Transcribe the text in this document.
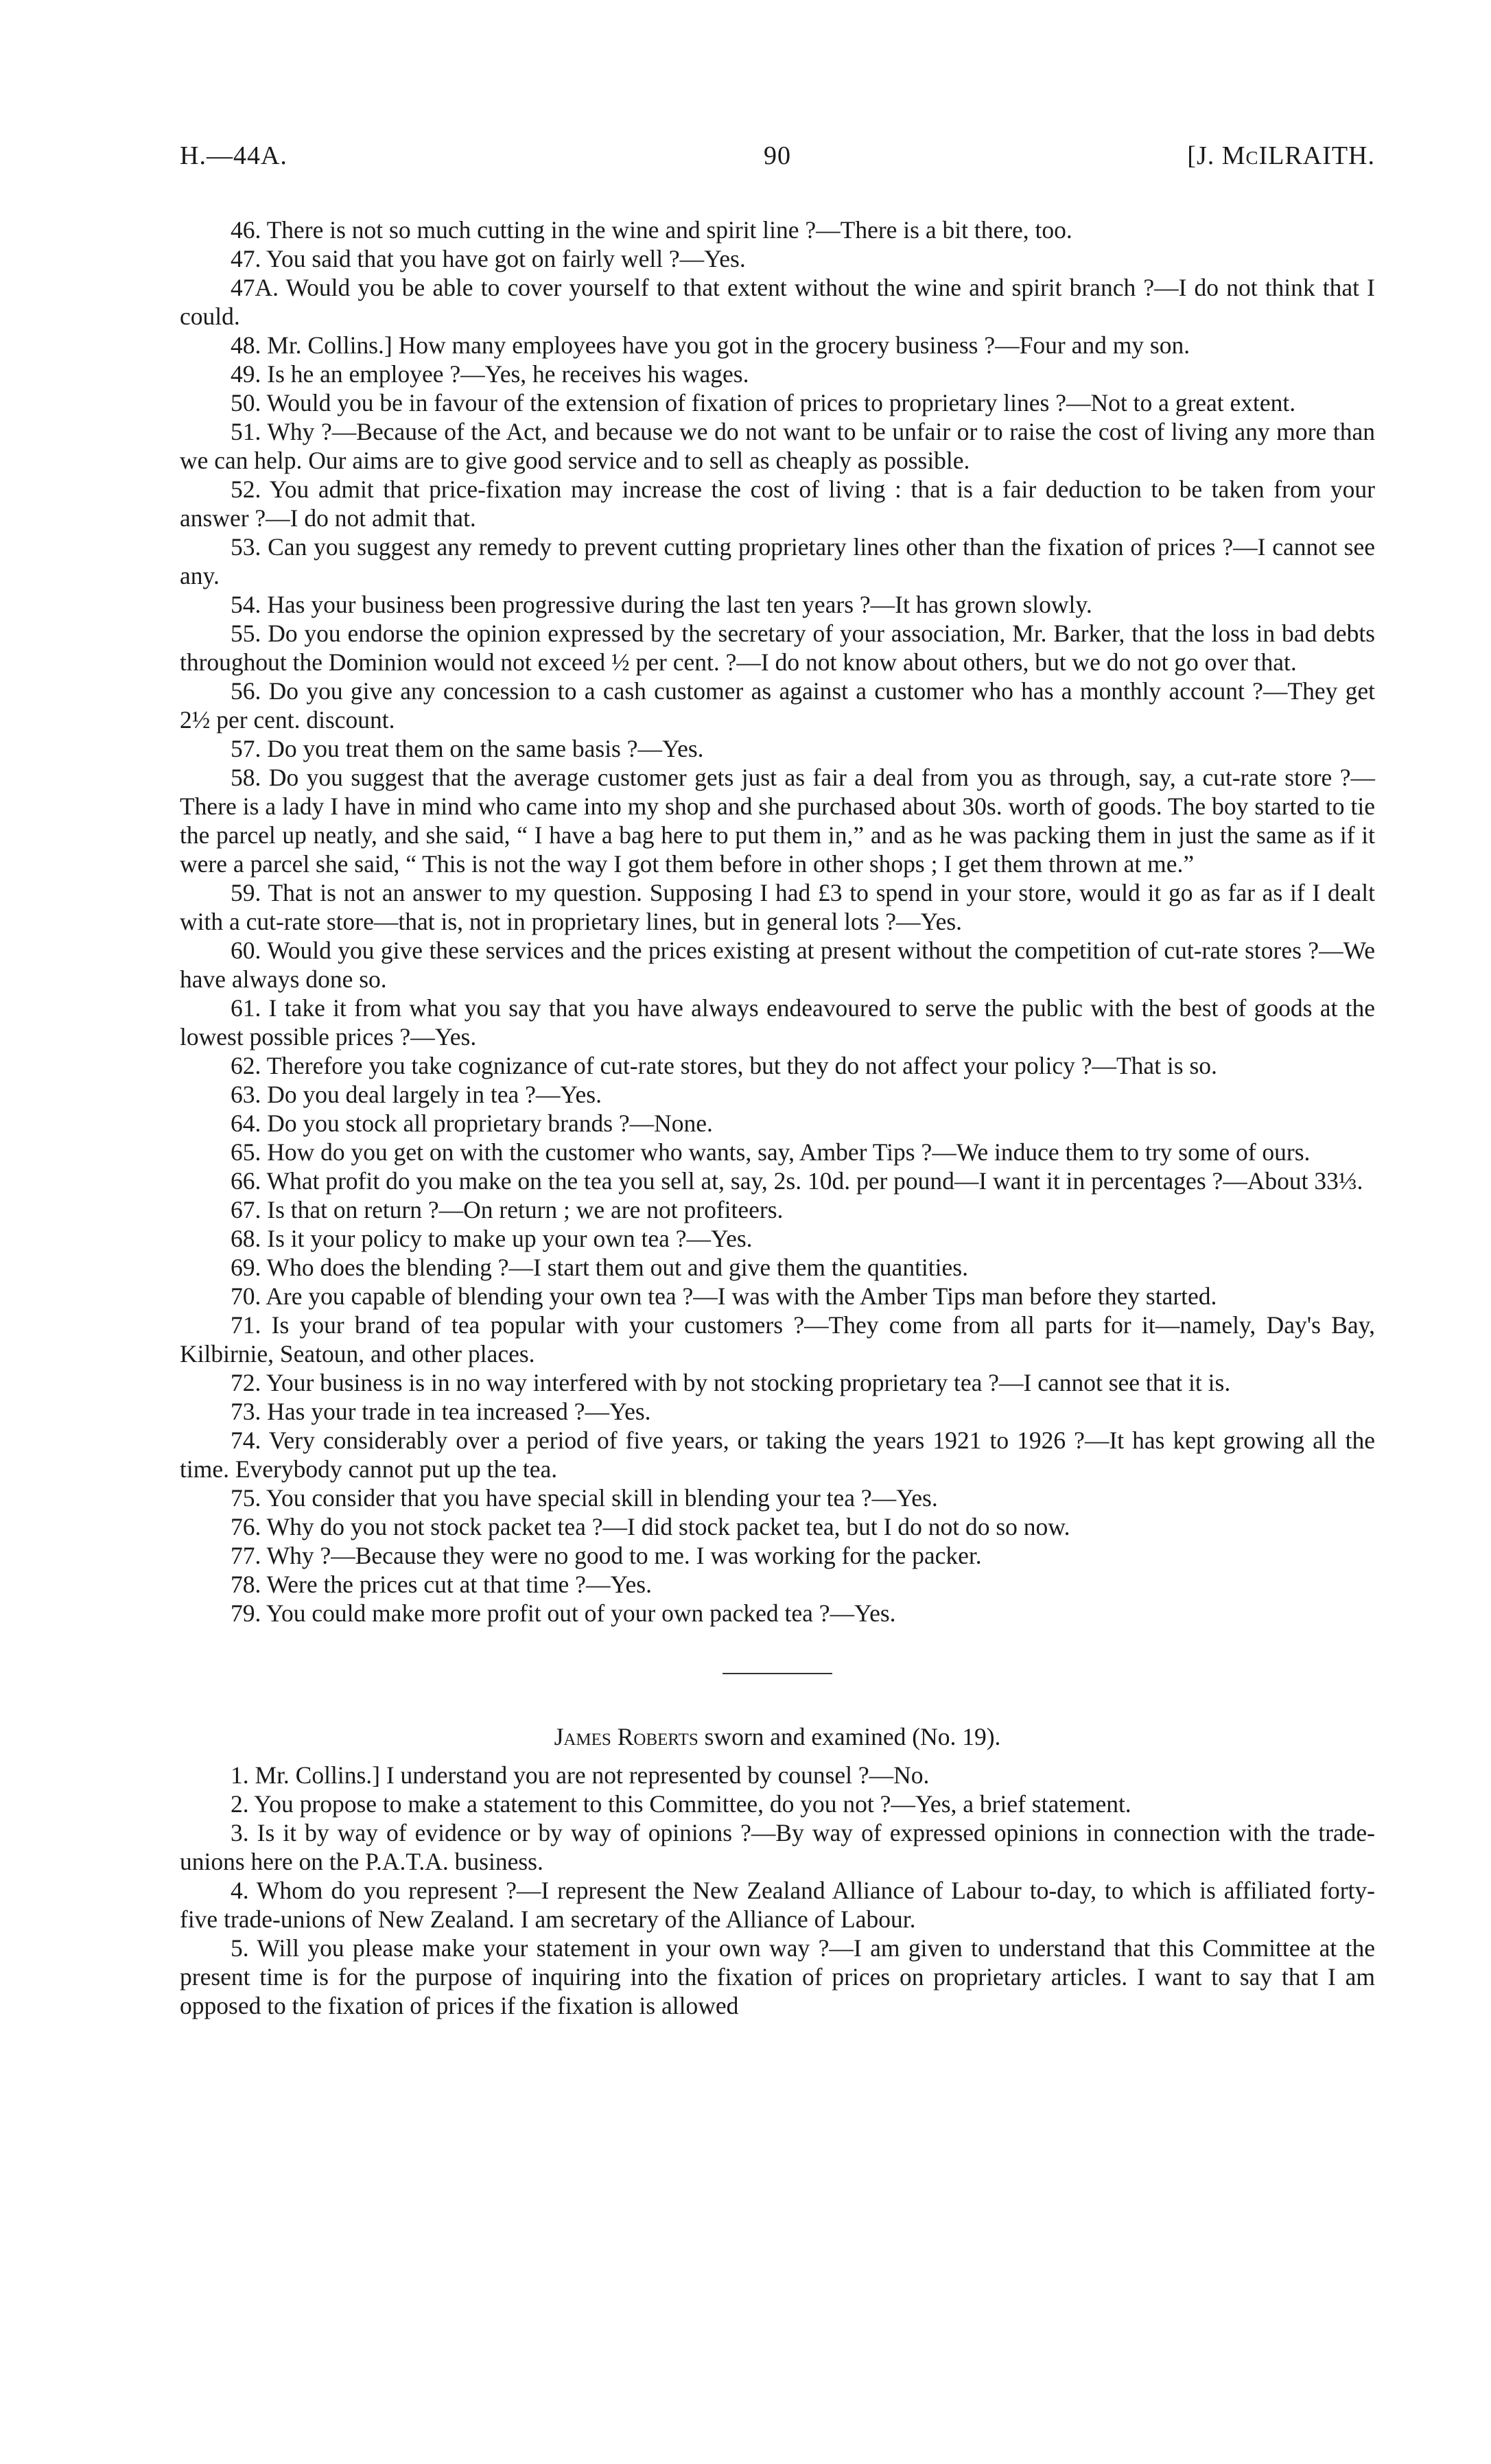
H.—44A.	90	[J. McILRAITH.

46. There is not so much cutting in the wine and spirit line ?—There is a bit there, too.

47. You said that you have got on fairly well ?—Yes.

47A. Would you be able to cover yourself to that extent without the wine and spirit branch ?—I do not think that I could.

48. Mr. Collins.] How many employees have you got in the grocery business ?—Four and my son.

49. Is he an employee ?—Yes, he receives his wages.

50. Would you be in favour of the extension of fixation of prices to proprietary lines ?—Not to a great extent.

51. Why ?—Because of the Act, and because we do not want to be unfair or to raise the cost of living any more than we can help. Our aims are to give good service and to sell as cheaply as possible.

52. You admit that price-fixation may increase the cost of living : that is a fair deduction to be taken from your answer ?—I do not admit that.

53. Can you suggest any remedy to prevent cutting proprietary lines other than the fixation of prices ?—I cannot see any.

54. Has your business been progressive during the last ten years ?—It has grown slowly.

55. Do you endorse the opinion expressed by the secretary of your association, Mr. Barker, that the loss in bad debts throughout the Dominion would not exceed ½ per cent. ?—I do not know about others, but we do not go over that.

56. Do you give any concession to a cash customer as against a customer who has a monthly account ?—They get 2½ per cent. discount.

57. Do you treat them on the same basis ?—Yes.

58. Do you suggest that the average customer gets just as fair a deal from you as through, say, a cut-rate store ?—There is a lady I have in mind who came into my shop and she purchased about 30s. worth of goods. The boy started to tie the parcel up neatly, and she said, “ I have a bag here to put them in,” and as he was packing them in just the same as if it were a parcel she said, “ This is not the way I got them before in other shops ; I get them thrown at me.”

59. That is not an answer to my question. Supposing I had £3 to spend in your store, would it go as far as if I dealt with a cut-rate store—that is, not in proprietary lines, but in general lots ?—Yes.

60. Would you give these services and the prices existing at present without the competition of cut-rate stores ?—We have always done so.

61. I take it from what you say that you have always endeavoured to serve the public with the best of goods at the lowest possible prices ?—Yes.

62. Therefore you take cognizance of cut-rate stores, but they do not affect your policy ?—That is so.

63. Do you deal largely in tea ?—Yes.

64. Do you stock all proprietary brands ?—None.

65. How do you get on with the customer who wants, say, Amber Tips ?—We induce them to try some of ours.

66. What profit do you make on the tea you sell at, say, 2s. 10d. per pound—I want it in percentages ?—About 33⅓.

67. Is that on return ?—On return ; we are not profiteers.

68. Is it your policy to make up your own tea ?—Yes.

69. Who does the blending ?—I start them out and give them the quantities.

70. Are you capable of blending your own tea ?—I was with the Amber Tips man before they started.

71. Is your brand of tea popular with your customers ?—They come from all parts for it—namely, Day's Bay, Kilbirnie, Seatoun, and other places.

72. Your business is in no way interfered with by not stocking proprietary tea ?—I cannot see that it is.

73. Has your trade in tea increased ?—Yes.

74. Very considerably over a period of five years, or taking the years 1921 to 1926 ?—It has kept growing all the time. Everybody cannot put up the tea.

75. You consider that you have special skill in blending your tea ?—Yes.

76. Why do you not stock packet tea ?—I did stock packet tea, but I do not do so now.

77. Why ?—Because they were no good to me. I was working for the packer.

78. Were the prices cut at that time ?—Yes.

79. You could make more profit out of your own packed tea ?—Yes.

James Roberts sworn and examined (No. 19).

1. Mr. Collins.] I understand you are not represented by counsel ?—No.

2. You propose to make a statement to this Committee, do you not ?—Yes, a brief statement.

3. Is it by way of evidence or by way of opinions ?—By way of expressed opinions in connection with the trade-unions here on the P.A.T.A. business.

4. Whom do you represent ?—I represent the New Zealand Alliance of Labour to-day, to which is affiliated forty-five trade-unions of New Zealand. I am secretary of the Alliance of Labour.

5. Will you please make your statement in your own way ?—I am given to understand that this Committee at the present time is for the purpose of inquiring into the fixation of prices on proprietary articles. I want to say that I am opposed to the fixation of prices if the fixation is allowed
